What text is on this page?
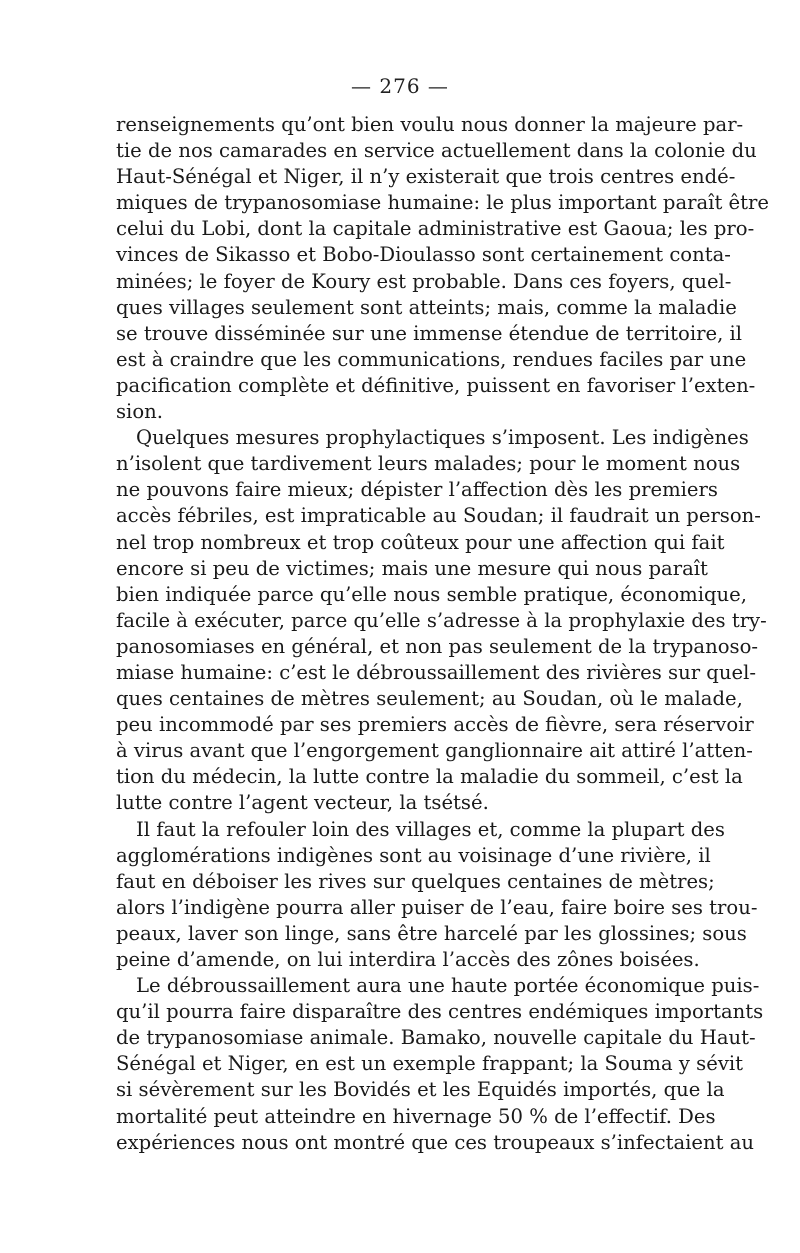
— 276 —
renseignements qu’ont bien voulu nous donner la majeure par-
tie de nos camarades en service actuellement dans la colonie du
Haut-Sénégal et Niger, il n’y existerait que trois centres endé-
miques de trypanosomiase humaine: le plus important paraît être
celui du Lobi, dont la capitale administrative est Gaoua; les pro-
vinces de Sikasso et Bobo-Dioulasso sont certainement conta-
minées; le foyer de Koury est probable. Dans ces foyers, quel-
ques villages seulement sont atteints; mais, comme la maladie
se trouve disséminée sur une immense étendue de territoire, il
est à craindre que les communications, rendues faciles par une
pacification complète et définitive, puissent en favoriser l’exten-
sion.
Quelques mesures prophylactiques s’imposent. Les indigènes
n’isolent que tardivement leurs malades; pour le moment nous
ne pouvons faire mieux; dépister l’affection dès les premiers
accès fébriles, est impraticable au Soudan; il faudrait un person-
nel trop nombreux et trop coûteux pour une affection qui fait
encore si peu de victimes; mais une mesure qui nous paraît
bien indiquée parce qu’elle nous semble pratique, économique,
facile à exécuter, parce qu’elle s’adresse à la prophylaxie des try-
panosomiases en général, et non pas seulement de la trypanoso-
miase humaine: c’est le débroussaillement des rivières sur quel-
ques centaines de mètres seulement; au Soudan, où le malade,
peu incommodé par ses premiers accès de fièvre, sera réservoir
à virus avant que l’engorgement ganglionnaire ait attiré l’atten-
tion du médecin, la lutte contre la maladie du sommeil, c’est la
lutte contre l’agent vecteur, la tsétsé.
Il faut la refouler loin des villages et, comme la plupart des
agglomérations indigènes sont au voisinage d’une rivière, il
faut en déboiser les rives sur quelques centaines de mètres;
alors l’indigène pourra aller puiser de l’eau, faire boire ses trou-
peaux, laver son linge, sans être harcelé par les glossines; sous
peine d’amende, on lui interdira l’accès des zônes boisées.
Le débroussaillement aura une haute portée économique puis-
qu’il pourra faire disparaître des centres endémiques importants
de trypanosomiase animale. Bamako, nouvelle capitale du Haut-
Sénégal et Niger, en est un exemple frappant; la Souma y sévit
si sévèrement sur les Bovidés et les Equidés importés, que la
mortalité peut atteindre en hivernage 50 % de l’effectif. Des
expériences nous ont montré que ces troupeaux s’infectaient au
